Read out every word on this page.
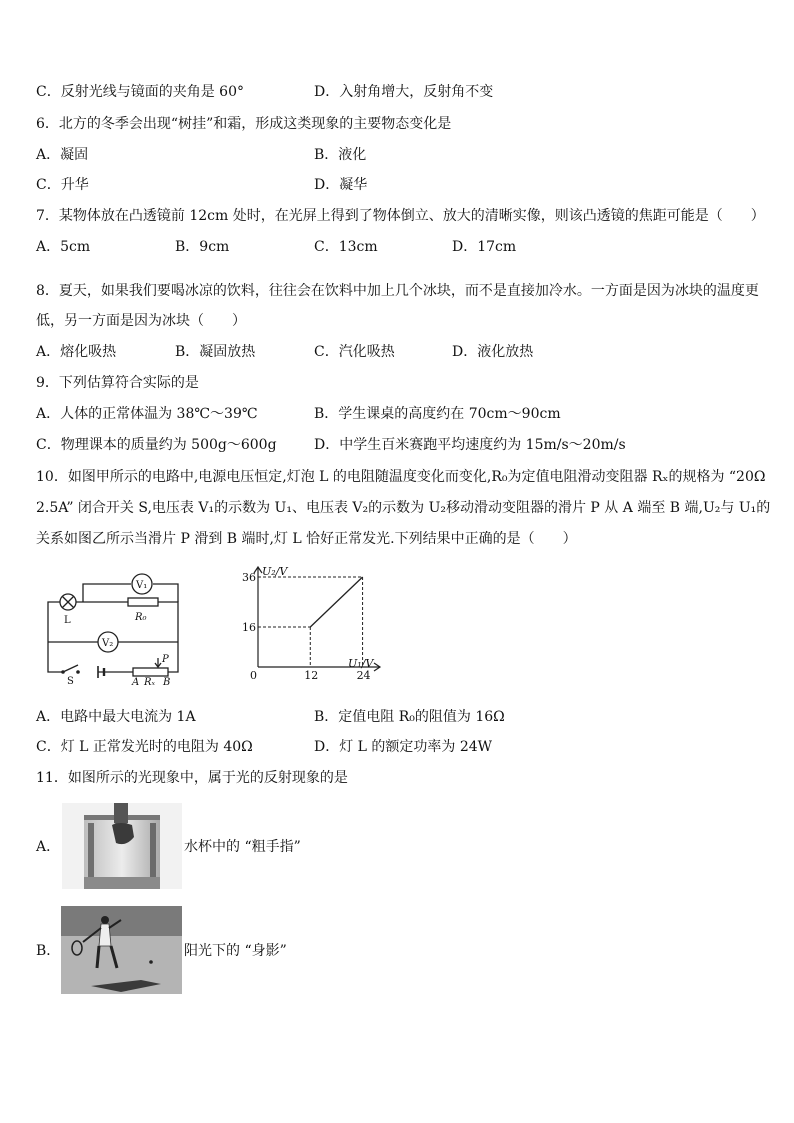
C．反射光线与镜面的夹角是 60°	D．入射角增大，反射角不变
6．北方的冬季会出现“树挂”和霜，形成这类现象的主要物态变化是
A．凝固	B．液化
C．升华	D．凝华
7．某物体放在凸透镜前 12cm 处时，在光屏上得到了物体倒立、放大的清晰实像，则该凸透镜的焦距可能是（　　）
A．5cm	B．9cm	C．13cm	D．17cm
8．夏天，如果我们要喝冰凉的饮料，往往会在饮料中加上几个冰块，而不是直接加冷水。一方面是因为冰块的温度更
低，另一方面是因为冰块（　　）
A．熔化吸热	B．凝固放热	C．汽化吸热	D．液化放热
9．下列估算符合实际的是
A．人体的正常体温为 38℃～39℃	B．学生课桌的高度约在 70cm～90cm
C．物理课本的质量约为 500g～600g	D．中学生百米赛跑平均速度约为 15m/s～20m/s
10．如图甲所示的电路中,电源电压恒定,灯泡 L 的电阻随温度变化而变化,R₀为定值电阻滑动变阻器 Rₓ的规格为 “20Ω
2.5A” 闭合开关 S,电压表 V₁的示数为 U₁、电压表 V₂的示数为 U₂移动滑动变阻器的滑片 P 从 A 端至 B 端,U₂与 U₁的
关系如图乙所示当滑片 P 滑到 B 端时,灯 L 恰好正常发光.下列结果中正确的是（　　）
V₁
V₂
L	R₀
S
P
A Rₓ B
U₂/V
U₁/V
36
16
0	12	24
A．电路中最大电流为 1A	B．定值电阻 R₀的阻值为 16Ω
C．灯 L 正常发光时的电阻为 40Ω	D．灯 L 的额定功率为 24W
11．如图所示的光现象中，属于光的反射现象的是
A．	水杯中的 “粗手指”
B．	阳光下的 “身影”
